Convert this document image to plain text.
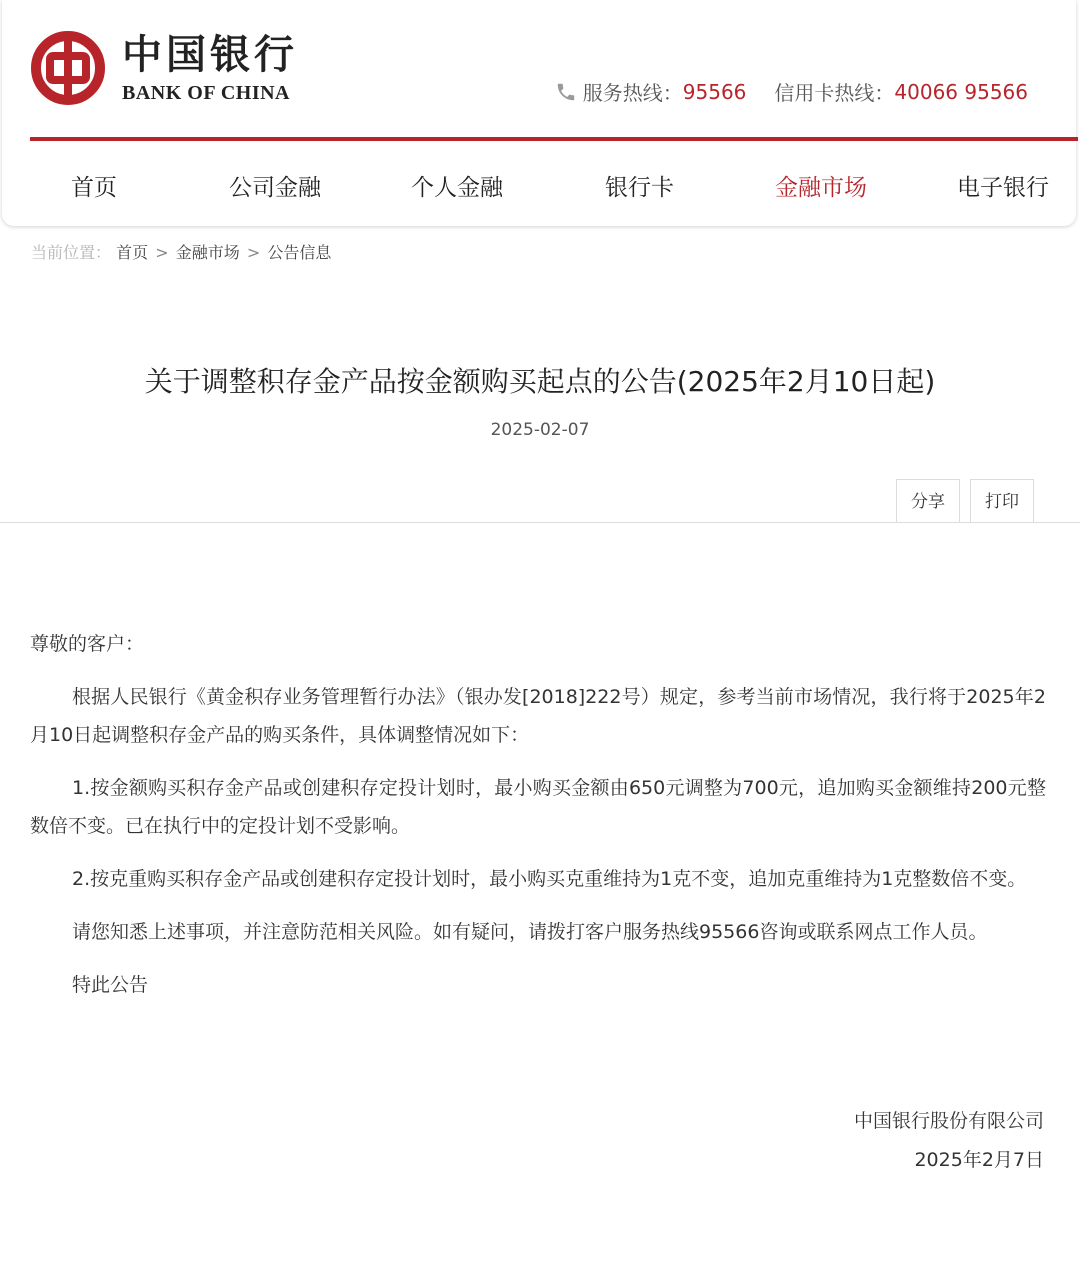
中国银行
BANK OF CHINA	服务热线： 95566 信用卡热线： 40066 95566
首页	公司金融	个人金融	银行卡	金融市场	电子银行
当前位置： 首页 > 金融市场 > 公告信息
关于调整积存金产品按金额购买起点的公告(2025年2月10日起)
2025-02-07
分享	打印

尊敬的客户：

根据人民银行《黄金积存业务管理暂行办法》（银办发[2018]222号）规定，参考当前市场情况，我行将于2025年2月10日起调整积存金产品的购买条件，具体调整情况如下：

1.按金额购买积存金产品或创建积存定投计划时，最小购买金额由650元调整为700元，追加购买金额维持200元整数倍不变。已在执行中的定投计划不受影响。

2.按克重购买积存金产品或创建积存定投计划时，最小购买克重维持为1克不变，追加克重维持为1克整数倍不变。

请您知悉上述事项，并注意防范相关风险。如有疑问，请拨打客户服务热线95566咨询或联系网点工作人员。

特此公告

中国银行股份有限公司
2025年2月7日
